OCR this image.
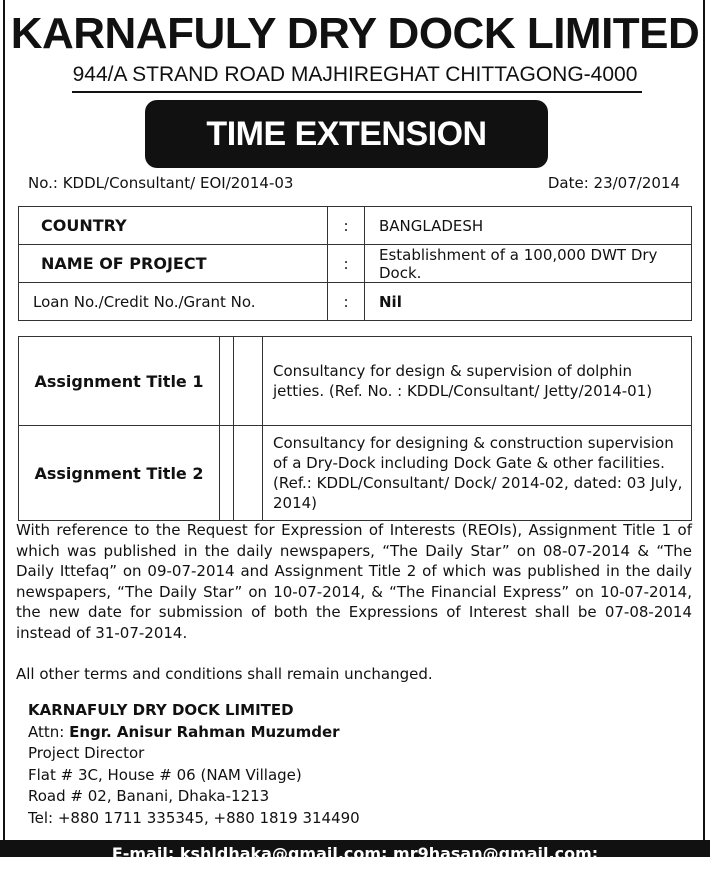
KARNAFULY DRY DOCK LIMITED
944/A STRAND ROAD MAJHIREGHAT CHITTAGONG-4000
TIME EXTENSION NOTICE
No.: KDDL/Consultant/ EOI/2014-03	Date: 23/07/2014
COUNTRY	:	BANGLADESH
NAME OF PROJECT	:	Establishment of a 100,000 DWT Dry Dock.
Loan No./Credit No./Grant No.	:	Nil
Assignment Title 1		Consultancy for design & supervision of dolphin jetties. (Ref. No. : KDDL/Consultant/ Jetty/2014-01)
Assignment Title 2		Consultancy for designing & construction supervision of a Dry-Dock including Dock Gate & other facilities. (Ref.: KDDL/Consultant/ Dock/ 2014-02, dated: 03 July, 2014)
With reference to the Request for Expression of Interests (REOIs), Assignment Title 1 of which was published in the daily newspapers, “The Daily Star” on 08-07-2014 & “The Daily Ittefaq” on 09-07-2014 and Assignment Title 2 of which was published in the daily newspapers, “The Daily Star” on 10-07-2014, & “The Financial Express” on 10-07-2014, the new date for submission of both the Expressions of Interest shall be 07-08-2014 instead of 31-07-2014.
All other terms and conditions shall remain unchanged.
KARNAFULY DRY DOCK LIMITED
Attn: Engr. Anisur Rahman Muzumder
Project Director
Flat # 3C, House # 06 (NAM Village)
Road # 02, Banani, Dhaka-1213
Tel: +880 1711 335345, +880 1819 314490
E-mail: kshldhaka@gmail.com; mr9hasan@gmail.com; anismazumdar@yahoo.com
